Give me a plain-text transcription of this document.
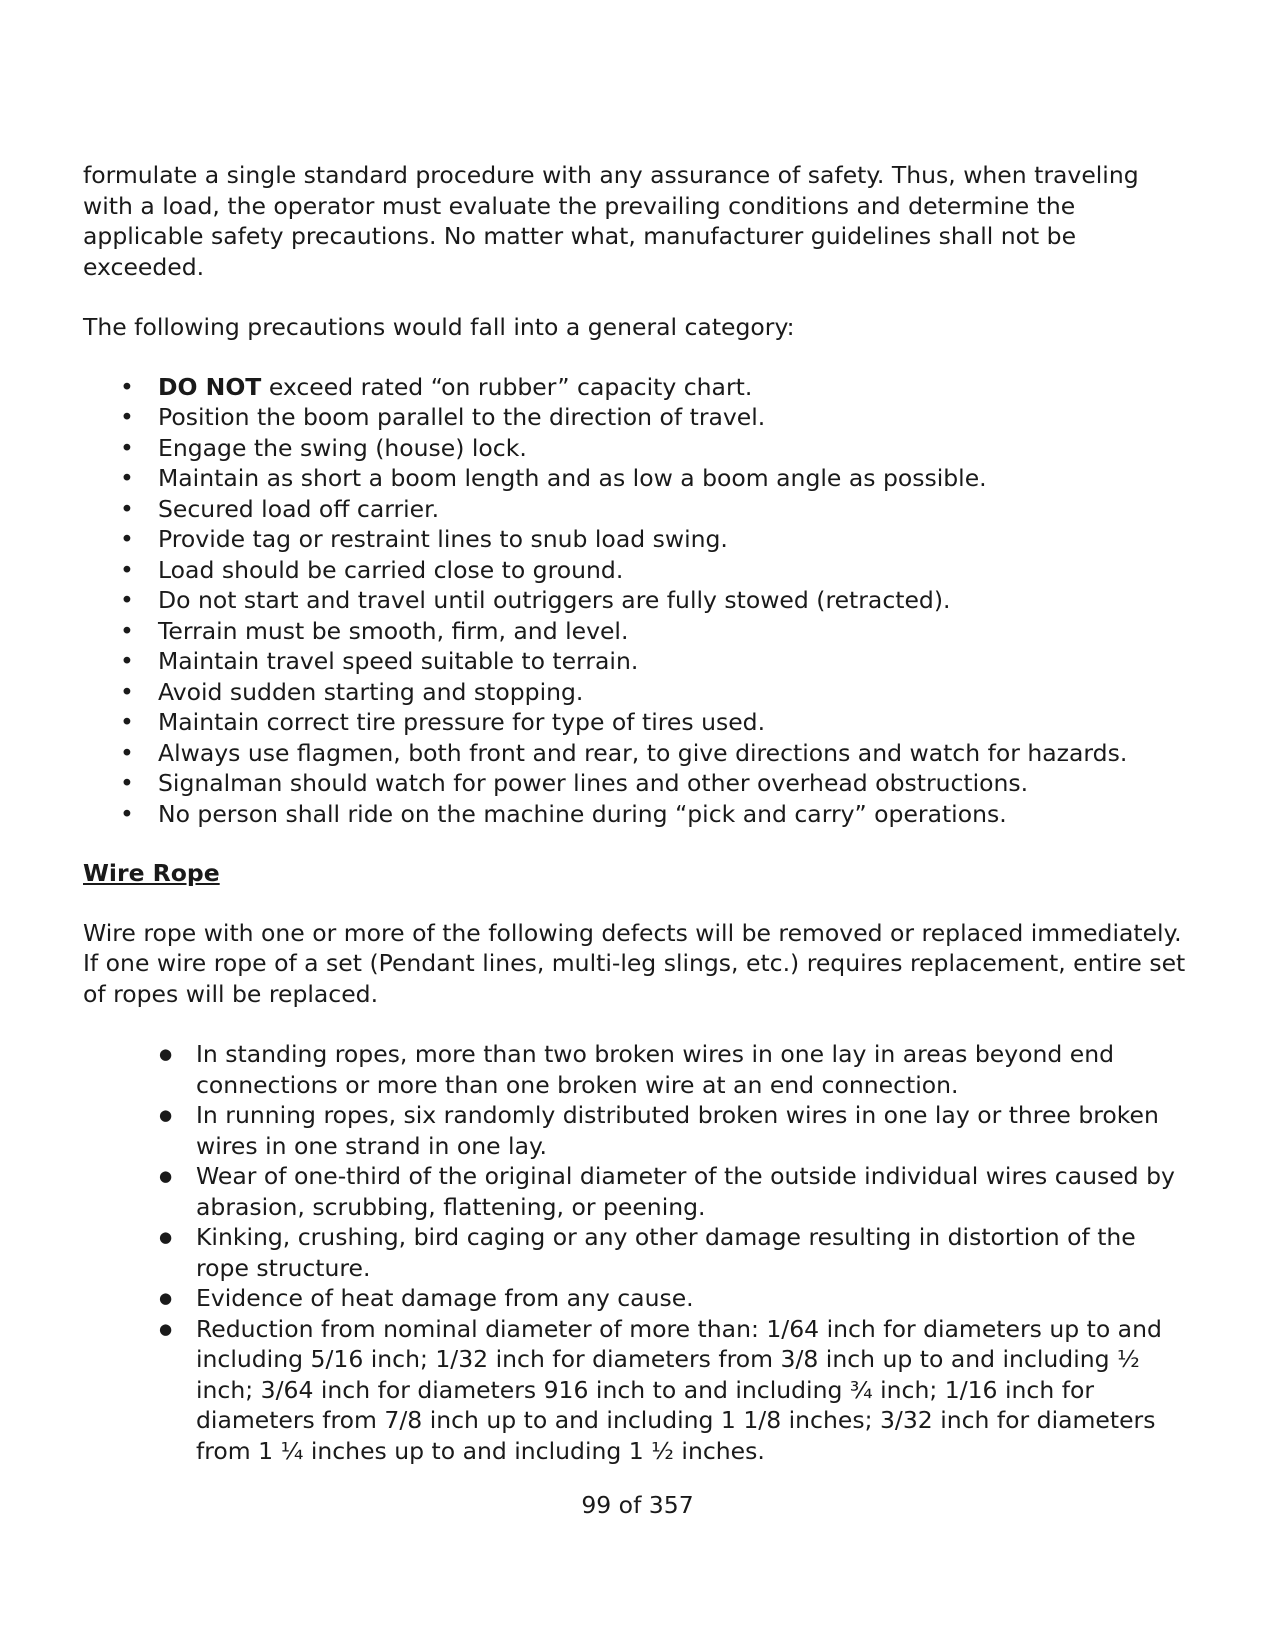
formulate a single standard procedure with any assurance of safety. Thus, when traveling with a load, the operator must evaluate the prevailing conditions and determine the applicable safety precautions. No matter what, manufacturer guidelines shall not be exceeded.

The following precautions would fall into a general category:

• DO NOT exceed rated “on rubber” capacity chart.
• Position the boom parallel to the direction of travel.
• Engage the swing (house) lock.
• Maintain as short a boom length and as low a boom angle as possible.
• Secured load off carrier.
• Provide tag or restraint lines to snub load swing.
• Load should be carried close to ground.
• Do not start and travel until outriggers are fully stowed (retracted).
• Terrain must be smooth, firm, and level.
• Maintain travel speed suitable to terrain.
• Avoid sudden starting and stopping.
• Maintain correct tire pressure for type of tires used.
• Always use flagmen, both front and rear, to give directions and watch for hazards.
• Signalman should watch for power lines and other overhead obstructions.
• No person shall ride on the machine during “pick and carry” operations.

Wire Rope

Wire rope with one or more of the following defects will be removed or replaced immediately. If one wire rope of a set (Pendant lines, multi-leg slings, etc.) requires replacement, entire set of ropes will be replaced.

● In standing ropes, more than two broken wires in one lay in areas beyond end connections or more than one broken wire at an end connection.
● In running ropes, six randomly distributed broken wires in one lay or three broken wires in one strand in one lay.
● Wear of one-third of the original diameter of the outside individual wires caused by abrasion, scrubbing, flattening, or peening.
● Kinking, crushing, bird caging or any other damage resulting in distortion of the rope structure.
● Evidence of heat damage from any cause.
● Reduction from nominal diameter of more than: 1/64 inch for diameters up to and including 5/16 inch; 1/32 inch for diameters from 3/8 inch up to and including ½ inch; 3/64 inch for diameters 916 inch to and including ¾ inch; 1/16 inch for diameters from 7/8 inch up to and including 1 1/8 inches; 3/32 inch for diameters from 1 ¼ inches up to and including 1 ½ inches.
99 of 357
